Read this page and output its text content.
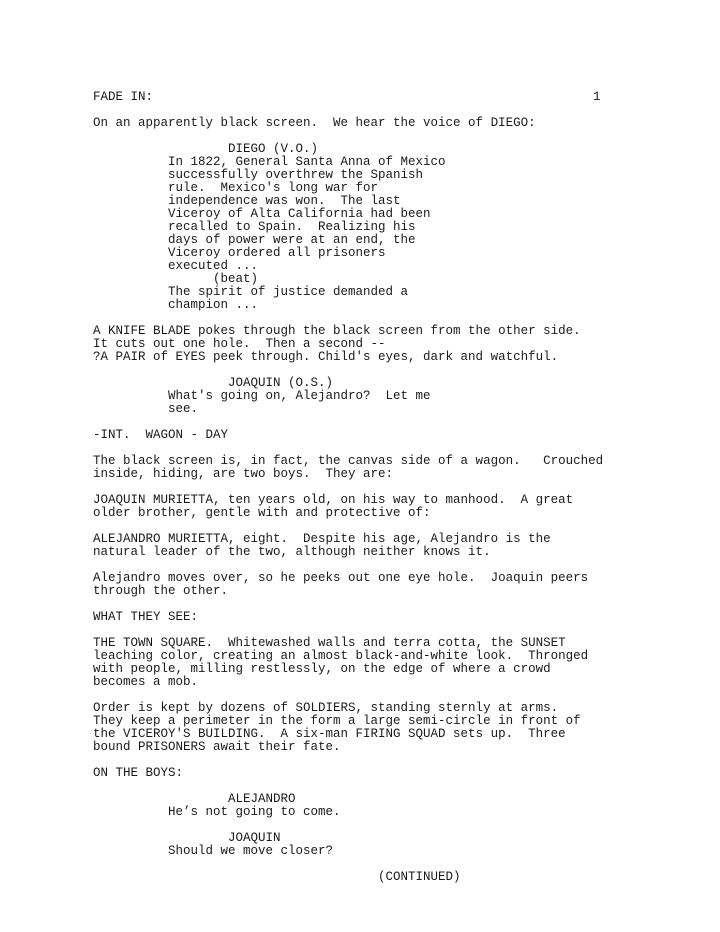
1
FADE IN:
On an apparently black screen.  We hear the voice of DIEGO:
DIEGO (V.O.)
In 1822, General Santa Anna of Mexico
successfully overthrew the Spanish
rule.  Mexico's long war for
independence was won.  The last
Viceroy of Alta California had been
recalled to Spain.  Realizing his
days of power were at an end, the
Viceroy ordered all prisoners
executed ...
(beat)
The spirit of justice demanded a
champion ...
A KNIFE BLADE pokes through the black screen from the other side.
It cuts out one hole.  Then a second --
?A PAIR of EYES peek through. Child's eyes, dark and watchful.
JOAQUIN (O.S.)
What's going on, Alejandro?  Let me
see.
-INT.  WAGON - DAY
The black screen is, in fact, the canvas side of a wagon.   Crouched
inside, hiding, are two boys.  They are:
JOAQUIN MURIETTA, ten years old, on his way to manhood.  A great
older brother, gentle with and protective of:
ALEJANDRO MURIETTA, eight.  Despite his age, Alejandro is the
natural leader of the two, although neither knows it.
Alejandro moves over, so he peeks out one eye hole.  Joaquin peers
through the other.
WHAT THEY SEE:
THE TOWN SQUARE.  Whitewashed walls and terra cotta, the SUNSET
leaching color, creating an almost black-and-white look.  Thronged
with people, milling restlessly, on the edge of where a crowd
becomes a mob.
Order is kept by dozens of SOLDIERS, standing sternly at arms.
They keep a perimeter in the form a large semi-circle in front of
the VICEROY'S BUILDING.  A six-man FIRING SQUAD sets up.  Three
bound PRISONERS await their fate.
ON THE BOYS:
ALEJANDRO
He’s not going to come.
JOAQUIN
Should we move closer?
(CONTINUED)
